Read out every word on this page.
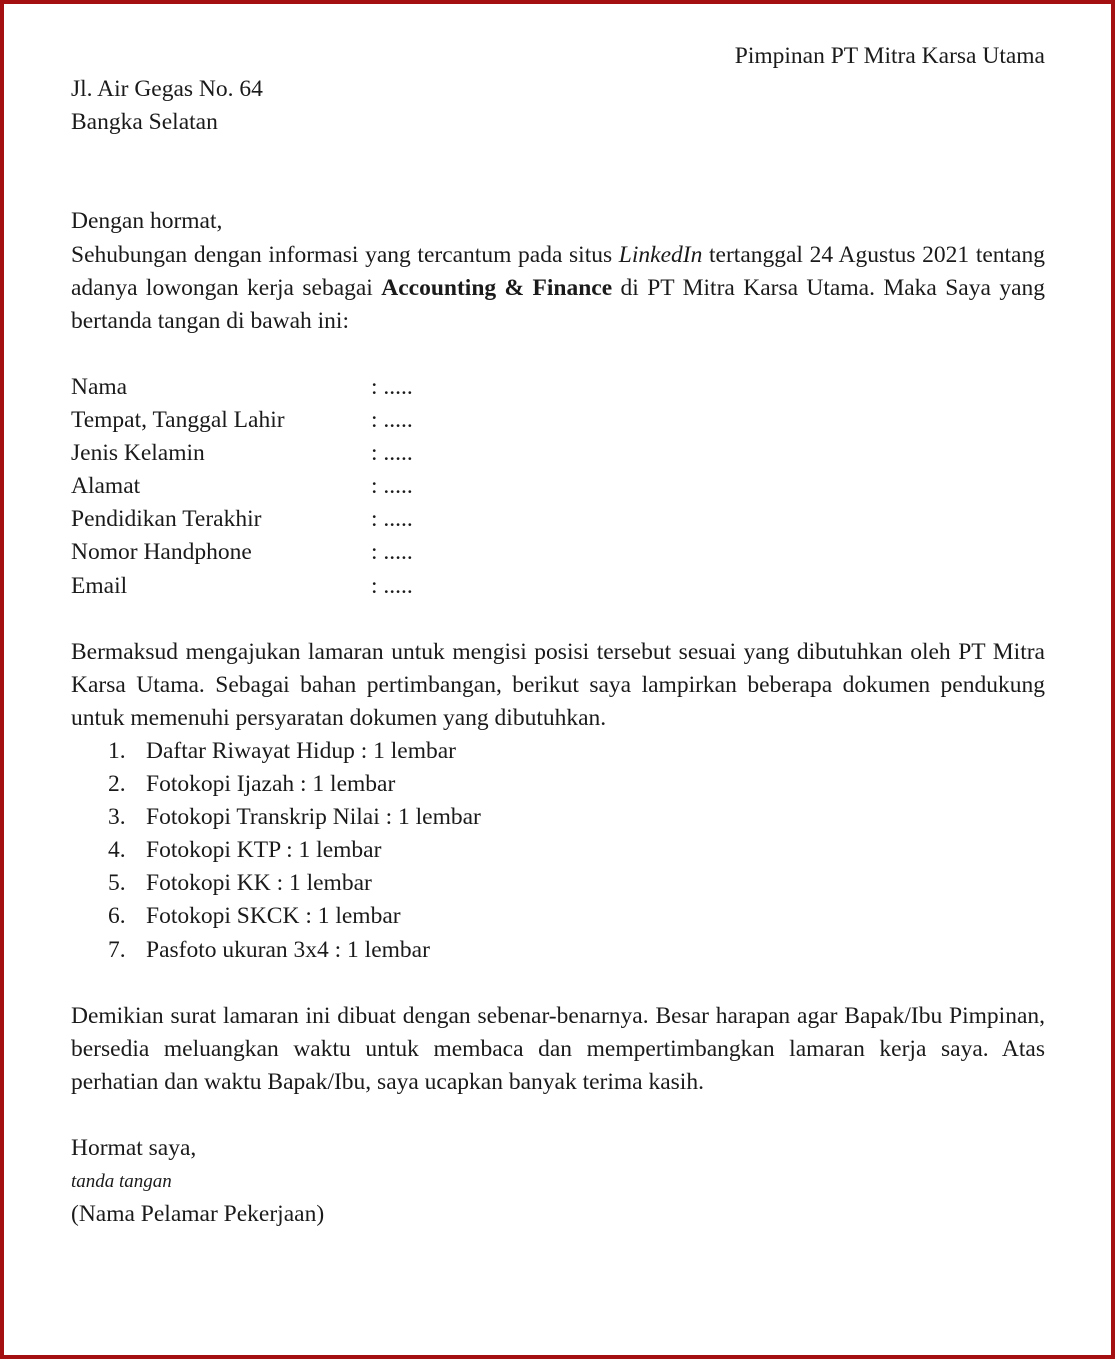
Pimpinan PT Mitra Karsa Utama

Jl. Air Gegas No. 64

Bangka Selatan

Dengan hormat,

Sehubungan dengan informasi yang tercantum pada situs LinkedIn tertanggal 24 Agustus 2021 tentang adanya lowongan kerja sebagai Accounting & Finance di PT Mitra Karsa Utama. Maka Saya yang bertanda tangan di bawah ini:

Nama	: .....
Tempat, Tanggal Lahir	: .....
Jenis Kelamin	: .....
Alamat	: .....
Pendidikan Terakhir	: .....
Nomor Handphone	: .....
Email	: .....

Bermaksud mengajukan lamaran untuk mengisi posisi tersebut sesuai yang dibutuhkan oleh PT Mitra Karsa Utama. Sebagai bahan pertimbangan, berikut saya lampirkan beberapa dokumen pendukung untuk memenuhi persyaratan dokumen yang dibutuhkan.

1. Daftar Riwayat Hidup : 1 lembar
2. Fotokopi Ijazah : 1 lembar
3. Fotokopi Transkrip Nilai : 1 lembar
4. Fotokopi KTP : 1 lembar
5. Fotokopi KK : 1 lembar
6. Fotokopi SKCK : 1 lembar
7. Pasfoto ukuran 3x4 : 1 lembar

Demikian surat lamaran ini dibuat dengan sebenar-benarnya. Besar harapan agar Bapak/Ibu Pimpinan, bersedia meluangkan waktu untuk membaca dan mempertimbangkan lamaran kerja saya. Atas perhatian dan waktu Bapak/Ibu, saya ucapkan banyak terima kasih.

Hormat saya,

tanda tangan

(Nama Pelamar Pekerjaan)
